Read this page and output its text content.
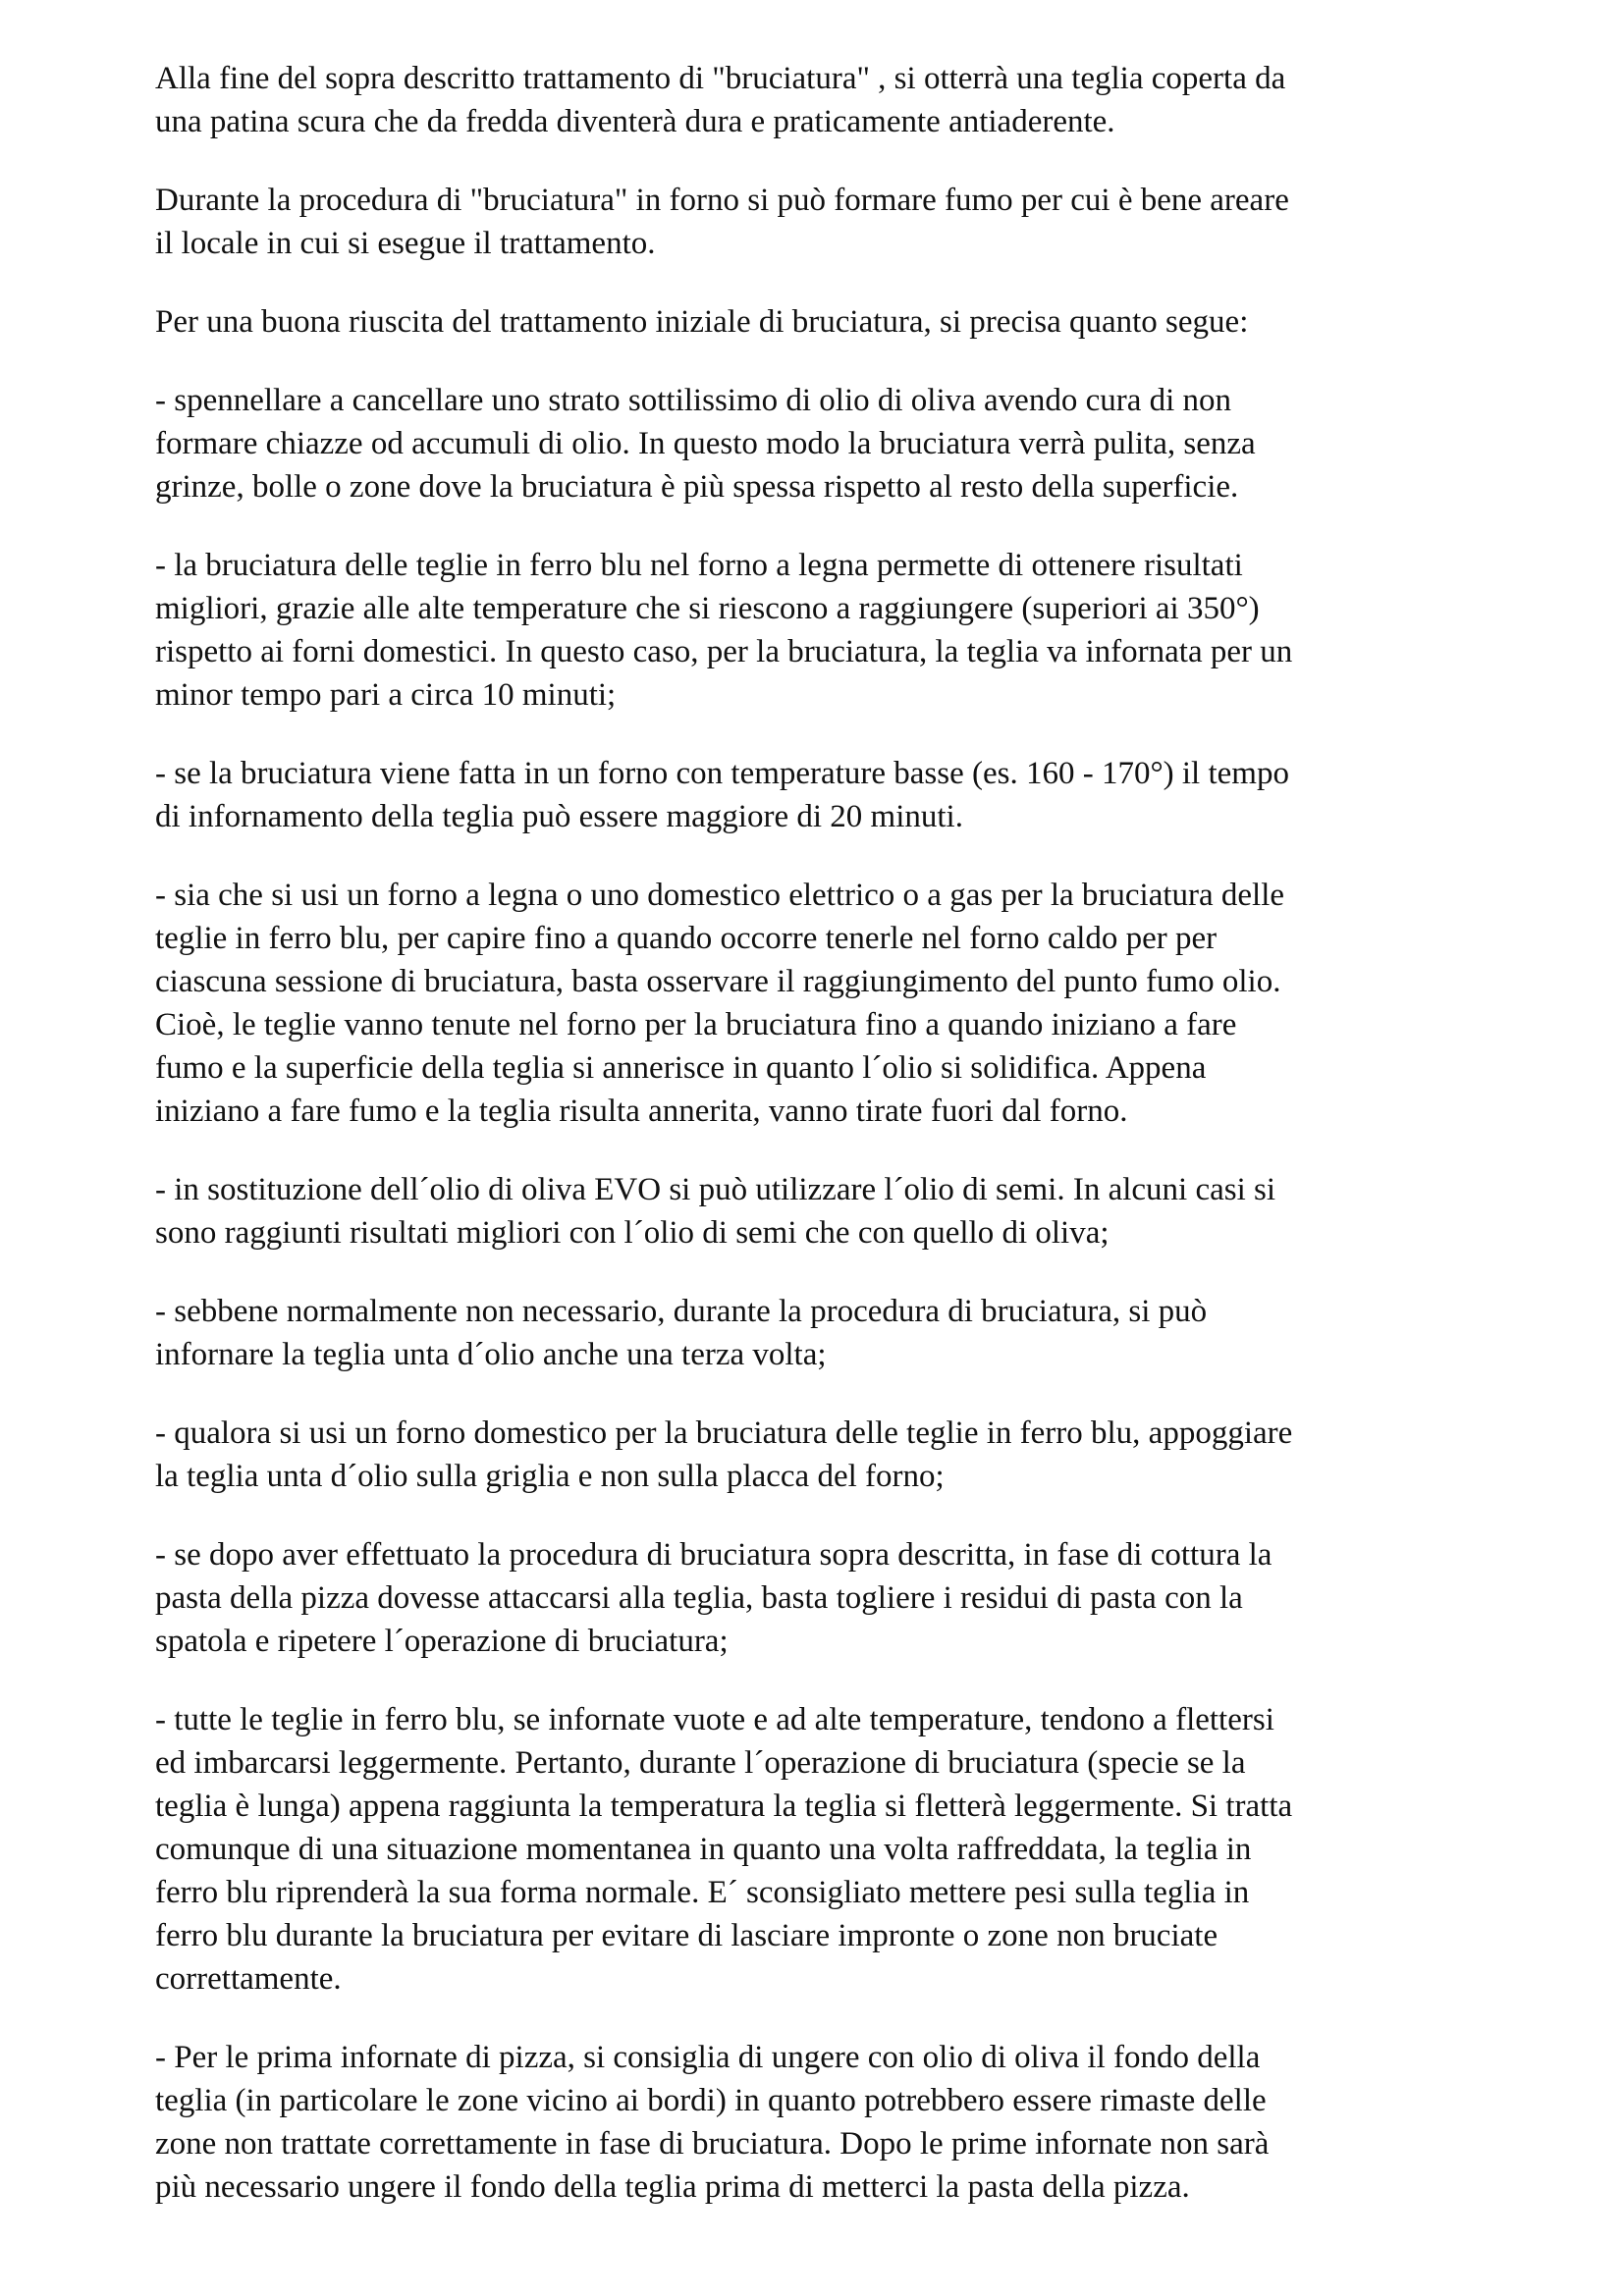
Alla fine del sopra descritto trattamento di "bruciatura" , si otterrà una teglia coperta da
una patina scura che da fredda diventerà dura e praticamente antiaderente.

Durante la procedura di "bruciatura" in forno si può formare fumo per cui è bene areare
il locale in cui si esegue il trattamento.

Per una buona riuscita del trattamento iniziale di bruciatura, si precisa quanto segue:

- spennellare a cancellare uno strato sottilissimo di olio di oliva avendo cura di non
formare chiazze od accumuli di olio. In questo modo la bruciatura verrà pulita, senza
grinze, bolle o zone dove la bruciatura è più spessa rispetto al resto della superficie.

- la bruciatura delle teglie in ferro blu nel forno a legna permette di ottenere risultati
migliori, grazie alle alte temperature che si riescono a raggiungere (superiori ai 350°)
rispetto ai forni domestici. In questo caso, per la bruciatura, la teglia va infornata per un
minor tempo pari a circa 10 minuti;

- se la bruciatura viene fatta in un forno con temperature basse (es. 160 - 170°) il tempo
di infornamento della teglia può essere maggiore di 20 minuti.

- sia che si usi un forno a legna o uno domestico elettrico o a gas per la bruciatura delle
teglie in ferro blu, per capire fino a quando occorre tenerle nel forno caldo per per
ciascuna sessione di bruciatura, basta osservare il raggiungimento del punto fumo olio.
Cioè, le teglie vanno tenute nel forno per la bruciatura fino a quando iniziano a fare
fumo e la superficie della teglia si annerisce in quanto l´olio si solidifica. Appena
iniziano a fare fumo e la teglia risulta annerita, vanno tirate fuori dal forno.

- in sostituzione dell´olio di oliva EVO si può utilizzare l´olio di semi. In alcuni casi si
sono raggiunti risultati migliori con l´olio di semi che con quello di oliva;

- sebbene normalmente non necessario, durante la procedura di bruciatura, si può
infornare la teglia unta d´olio anche una terza volta;

- qualora si usi un forno domestico per la bruciatura delle teglie in ferro blu, appoggiare
la teglia unta d´olio sulla griglia e non sulla placca del forno;

- se dopo aver effettuato la procedura di bruciatura sopra descritta, in fase di cottura la
pasta della pizza dovesse attaccarsi alla teglia, basta togliere i residui di pasta con la
spatola e ripetere l´operazione di bruciatura;

- tutte le teglie in ferro blu, se infornate vuote e ad alte temperature, tendono a flettersi
ed imbarcarsi leggermente. Pertanto, durante l´operazione di bruciatura (specie se la
teglia è lunga) appena raggiunta la temperatura la teglia si fletterà leggermente. Si tratta
comunque di una situazione momentanea in quanto una volta raffreddata, la teglia in
ferro blu riprenderà la sua forma normale. E´ sconsigliato mettere pesi sulla teglia in
ferro blu durante la bruciatura per evitare di lasciare impronte o zone non bruciate
correttamente.

- Per le prima infornate di pizza, si consiglia di ungere con olio di oliva il fondo della
teglia (in particolare le zone vicino ai bordi) in quanto potrebbero essere rimaste delle
zone non trattate correttamente in fase di bruciatura. Dopo le prime infornate non sarà
più necessario ungere il fondo della teglia prima di metterci la pasta della pizza.
